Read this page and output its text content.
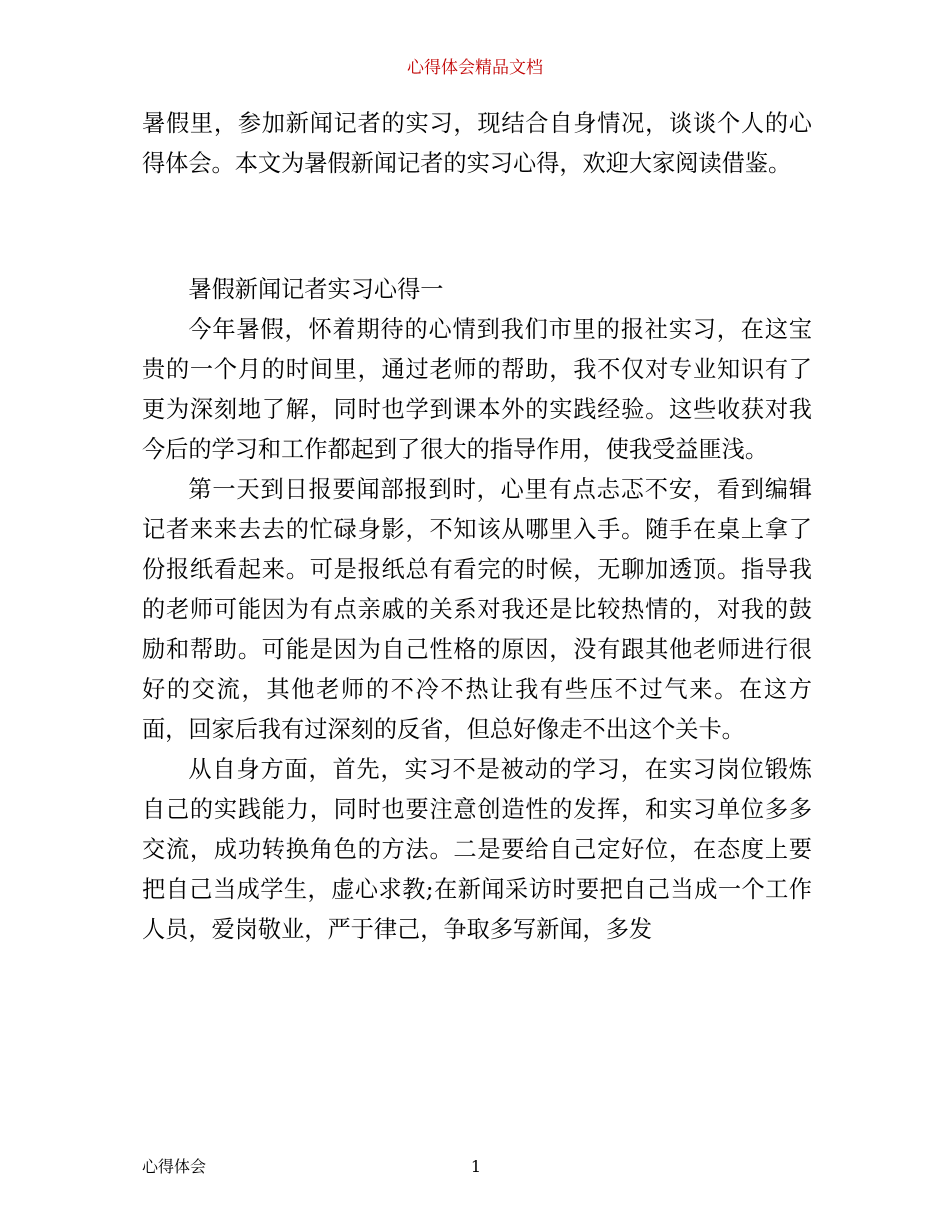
心得体会精品文档

暑假里，参加新闻记者的实习，现结合自身情况，谈谈个人的心得体会。本文为暑假新闻记者的实习心得，欢迎大家阅读借鉴。

暑假新闻记者实习心得一

今年暑假，怀着期待的心情到我们市里的报社实习，在这宝贵的一个月的时间里，通过老师的帮助，我不仅对专业知识有了更为深刻地了解，同时也学到课本外的实践经验。这些收获对我今后的学习和工作都起到了很大的指导作用，使我受益匪浅。

第一天到日报要闻部报到时，心里有点忐忑不安，看到编辑记者来来去去的忙碌身影，不知该从哪里入手。随手在桌上拿了份报纸看起来。可是报纸总有看完的时候，无聊加透顶。指导我的老师可能因为有点亲戚的关系对我还是比较热情的，对我的鼓励和帮助。可能是因为自己性格的原因，没有跟其他老师进行很好的交流，其他老师的不冷不热让我有些压不过气来。在这方面，回家后我有过深刻的反省，但总好像走不出这个关卡。

从自身方面，首先，实习不是被动的学习，在实习岗位锻炼自己的实践能力，同时也要注意创造性的发挥，和实习单位多多交流，成功转换角色的方法。二是要给自己定好位，在态度上要把自己当成学生，虚心求教;在新闻采访时要把自己当成一个工作人员，爱岗敬业，严于律己，争取多写新闻，多发

心得体会	1
